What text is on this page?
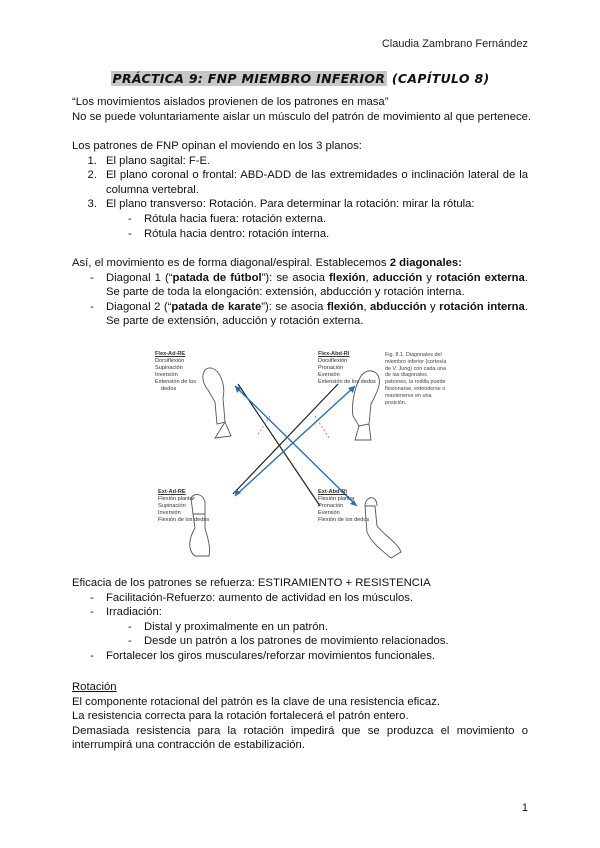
Claudia Zambrano Fernández
PRÁCTICA 9: FNP MIEMBRO INFERIOR (CAPÍTULO 8)
“Los movimientos aislados provienen de los patrones en masa”
No se puede voluntariamente aislar un músculo del patrón de movimiento al que pertenece.
Los patrones de FNP opinan el moviendo en los 3 planos:
1. El plano sagital: F-E.
2. El plano coronal o frontal: ABD-ADD de las extremidades o inclinación lateral de la columna vertebral.
3. El plano transverso: Rotación. Para determinar la rotación: mirar la rótula:
- Rótula hacia fuera: rotación externa.
- Rótula hacia dentro: rotación interna.
Así, el movimiento es de forma diagonal/espiral. Establecemos 2 diagonales:
- Diagonal 1 (“patada de fútbol”): se asocia flexión, aducción y rotación externa.
Se parte de toda la elongación: extensión, abducción y rotación interna.
- Diagonal 2 (“patada de karate”): se asocia flexión, abducción y rotación interna.
Se parte de extensión, aducción y rotación externa.
Flex-Ad-RE
Dorsiflexión
Supinación
Inversión
Extensión de los
dedos
Flex-Abd-RI
Dorsiflexión
Pronación
Eversión
Extensión de los dedos
Ext-Ad-RE
Flexión plantar
Supinación
Inversión
Flexión de los dedos
Ext-Abd-RI
Flexión plantar
Pronación
Eversión
Flexión de los dedos
Fig. 8.1. Diagonales del miembro inferior (cortesía de V. Jung) con cada una de las diagonales patrones, la rodilla puede flexionarse, extenderse o mantenerse en una posición.
Eficacia de los patrones se refuerza: ESTIRAMIENTO + RESISTENCIA
- Facilitación-Refuerzo: aumento de actividad en los músculos.
- Irradiación:
- Distal y proximalmente en un patrón.
- Desde un patrón a los patrones de movimiento relacionados.
- Fortalecer los giros musculares/reforzar movimientos funcionales.
Rotación
El componente rotacional del patrón es la clave de una resistencia eficaz.
La resistencia correcta para la rotación fortalecerá el patrón entero.
Demasiada resistencia para la rotación impedirá que se produzca el movimiento o interrumpirá una contracción de estabilización.
1
